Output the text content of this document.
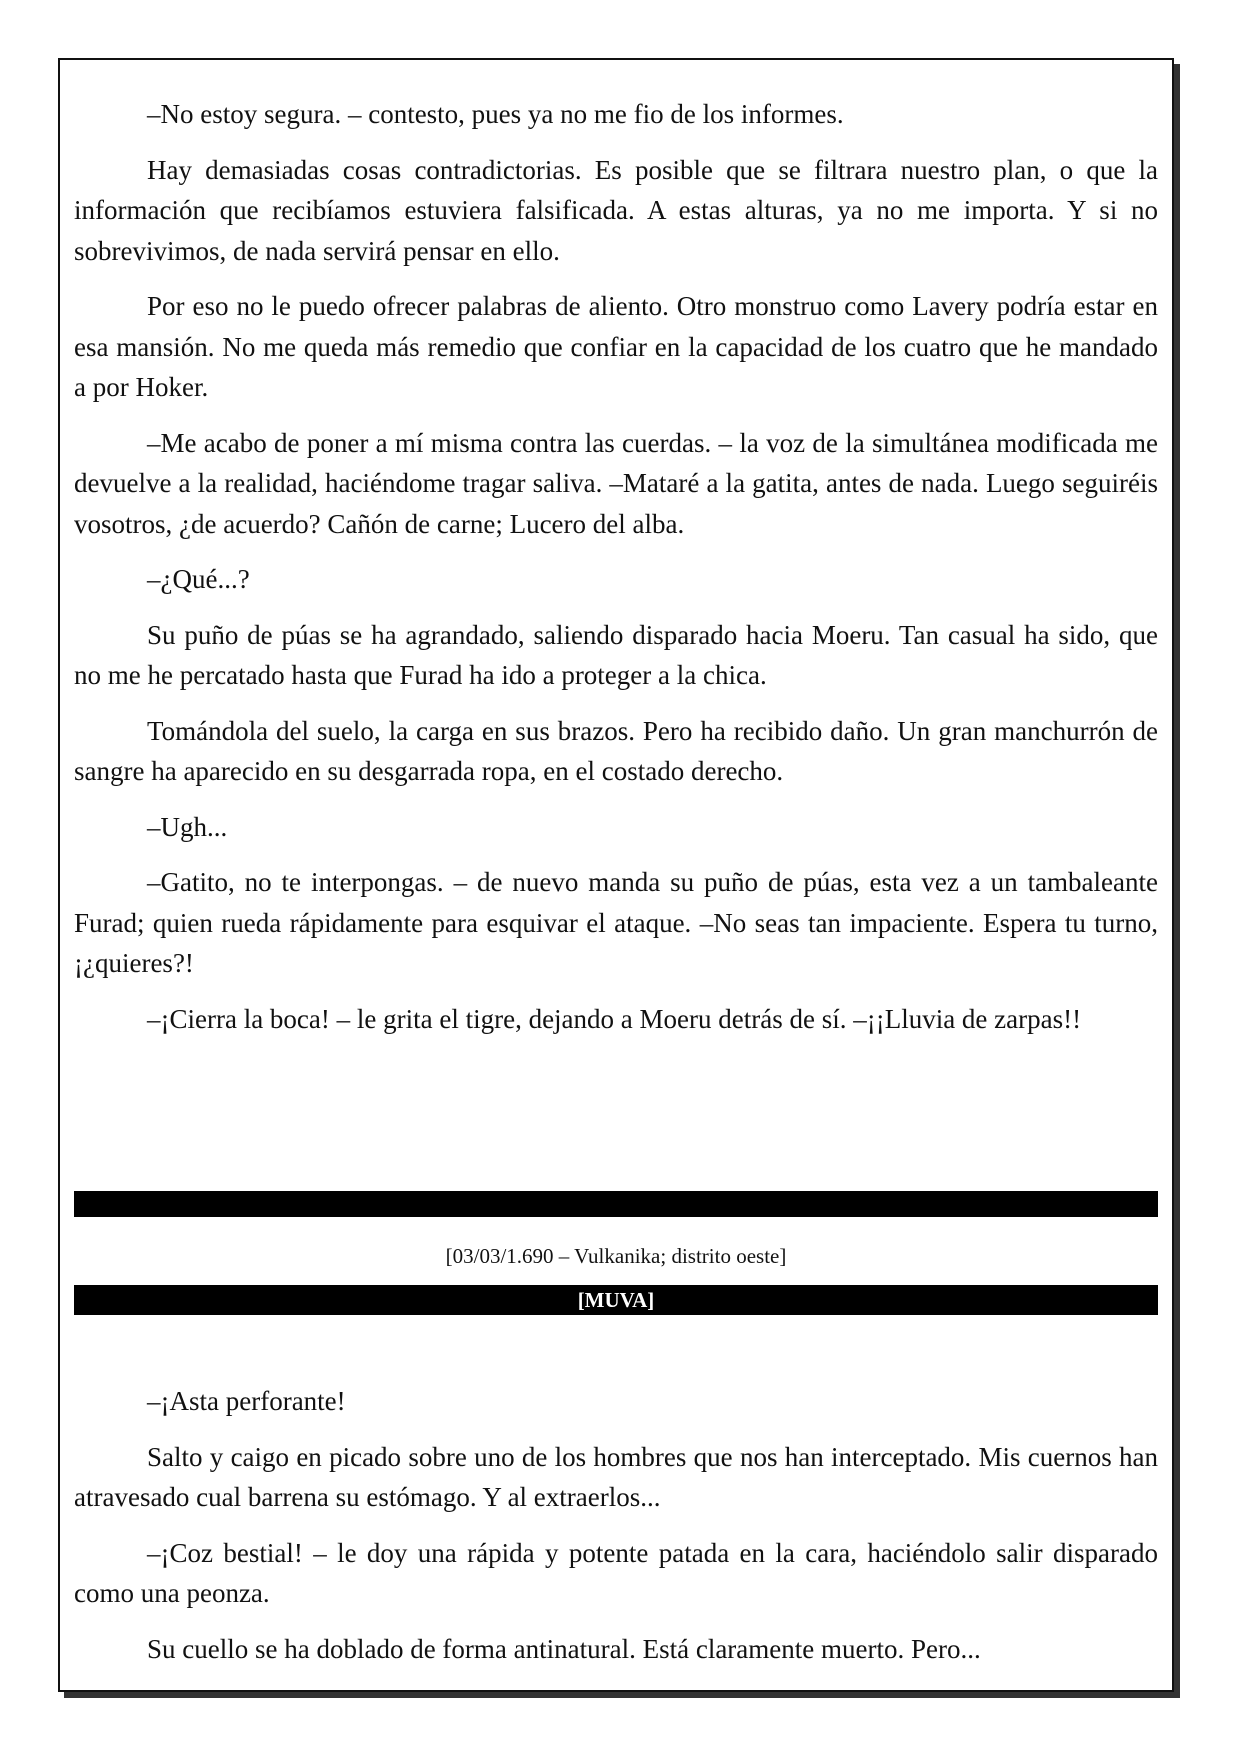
–No estoy segura. – contesto, pues ya no me fio de los informes.

Hay demasiadas cosas contradictorias. Es posible que se filtrara nuestro plan, o que la información que recibíamos estuviera falsificada. A estas alturas, ya no me importa. Y si no sobrevivimos, de nada servirá pensar en ello.

Por eso no le puedo ofrecer palabras de aliento. Otro monstruo como Lavery podría estar en esa mansión. No me queda más remedio que confiar en la capacidad de los cuatro que he mandado a por Hoker.

–Me acabo de poner a mí misma contra las cuerdas. – la voz de la simultánea modificada me devuelve a la realidad, haciéndome tragar saliva. –Mataré a la gatita, antes de nada. Luego seguiréis vosotros, ¿de acuerdo? Cañón de carne; Lucero del alba.

–¿Qué...?

Su puño de púas se ha agrandado, saliendo disparado hacia Moeru. Tan casual ha sido, que no me he percatado hasta que Furad ha ido a proteger a la chica.

Tomándola del suelo, la carga en sus brazos. Pero ha recibido daño. Un gran manchurrón de sangre ha aparecido en su desgarrada ropa, en el costado derecho.

–Ugh...

–Gatito, no te interpongas. – de nuevo manda su puño de púas, esta vez a un tambaleante Furad; quien rueda rápidamente para esquivar el ataque. –No seas tan impaciente. Espera tu turno, ¡¿quieres?!

–¡Cierra la boca! – le grita el tigre, dejando a Moeru detrás de sí. –¡¡Lluvia de zarpas!!

[03/03/1.690 – Vulkanika; distrito oeste]
[MUVA]

–¡Asta perforante!

Salto y caigo en picado sobre uno de los hombres que nos han interceptado. Mis cuernos han atravesado cual barrena su estómago. Y al extraerlos...

–¡Coz bestial! – le doy una rápida y potente patada en la cara, haciéndolo salir disparado como una peonza.

Su cuello se ha doblado de forma antinatural. Está claramente muerto. Pero...
